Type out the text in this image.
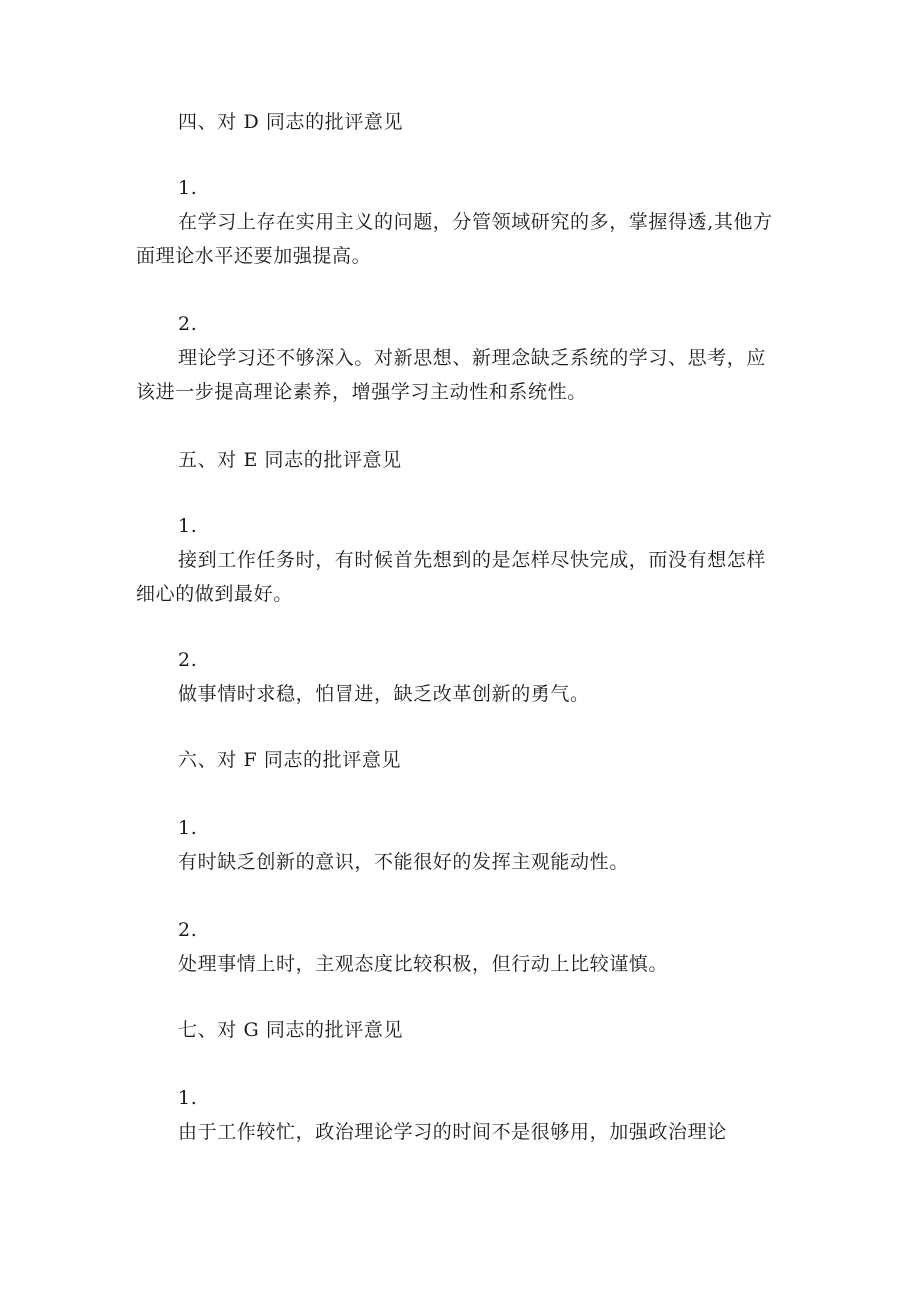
四、对 D 同志的批评意见
1.
在学习上存在实用主义的问题，分管领域研究的多，掌握得透,其他方
面理论水平还要加强提高。
2.
理论学习还不够深入。对新思想、新理念缺乏系统的学习、思考，应
该进一步提高理论素养，增强学习主动性和系统性。
五、对 E 同志的批评意见
1.
接到工作任务时，有时候首先想到的是怎样尽快完成，而没有想怎样
细心的做到最好。
2.
做事情时求稳，怕冒进，缺乏改革创新的勇气。
六、对 F 同志的批评意见
1.
有时缺乏创新的意识，不能很好的发挥主观能动性。
2.
处理事情上时，主观态度比较积极，但行动上比较谨慎。
七、对 G 同志的批评意见
1.
由于工作较忙，政治理论学习的时间不是很够用，加强政治理论
